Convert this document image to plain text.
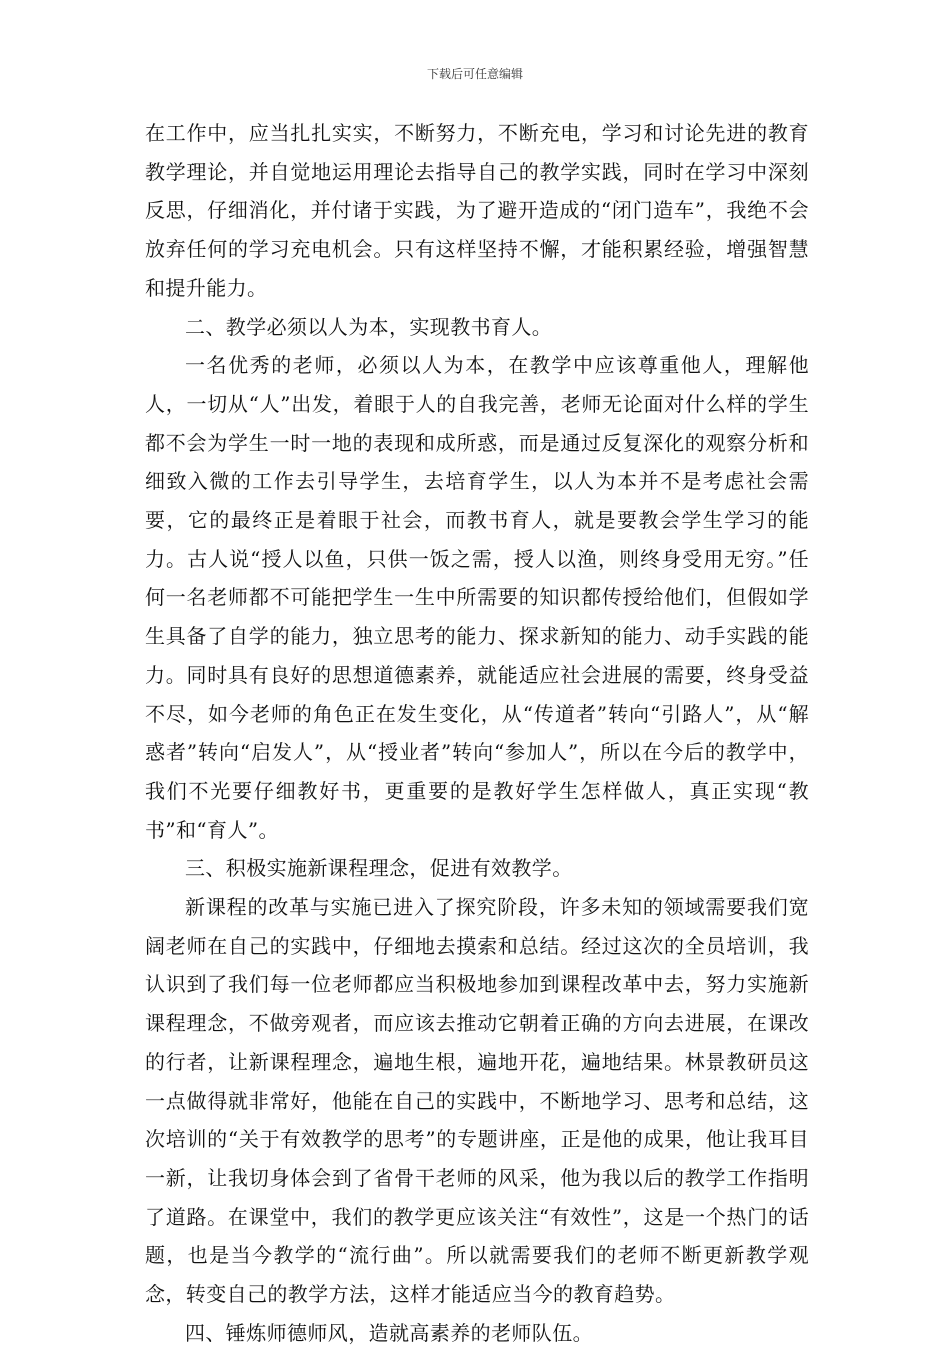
下载后可任意编辑

在工作中，应当扎扎实实，不断努力，不断充电，学习和讨论先进的教育教学理论，并自觉地运用理论去指导自己的教学实践，同时在学习中深刻反思，仔细消化，并付诸于实践，为了避开造成的“闭门造车”，我绝不会放弃任何的学习充电机会。只有这样坚持不懈，才能积累经验，增强智慧和提升能力。

二、教学必须以人为本，实现教书育人。

一名优秀的老师，必须以人为本，在教学中应该尊重他人，理解他人，一切从“人”出发，着眼于人的自我完善，老师无论面对什么样的学生都不会为学生一时一地的表现和成所惑，而是通过反复深化的观察分析和细致入微的工作去引导学生，去培育学生，以人为本并不是考虑社会需要，它的最终正是着眼于社会，而教书育人，就是要教会学生学习的能力。古人说“授人以鱼，只供一饭之需，授人以渔，则终身受用无穷。”任何一名老师都不可能把学生一生中所需要的知识都传授给他们，但假如学生具备了自学的能力，独立思考的能力、探求新知的能力、动手实践的能力。同时具有良好的思想道德素养，就能适应社会进展的需要，终身受益不尽，如今老师的角色正在发生变化，从“传道者”转向“引路人”，从“解惑者”转向“启发人”，从“授业者”转向“参加人”，所以在今后的教学中，我们不光要仔细教好书，更重要的是教好学生怎样做人，真正实现“教书”和“育人”。

三、积极实施新课程理念，促进有效教学。

新课程的改革与实施已进入了探究阶段，许多未知的领域需要我们宽阔老师在自己的实践中，仔细地去摸索和总结。经过这次的全员培训，我认识到了我们每一位老师都应当积极地参加到课程改革中去，努力实施新课程理念，不做旁观者，而应该去推动它朝着正确的方向去进展，在课改的行者，让新课程理念，遍地生根，遍地开花，遍地结果。林景教研员这一点做得就非常好，他能在自己的实践中，不断地学习、思考和总结，这次培训的“关于有效教学的思考”的专题讲座，正是他的成果，他让我耳目一新，让我切身体会到了省骨干老师的风采，他为我以后的教学工作指明了道路。在课堂中，我们的教学更应该关注“有效性”，这是一个热门的话题，也是当今教学的“流行曲”。所以就需要我们的老师不断更新教学观念，转变自己的教学方法，这样才能适应当今的教育趋势。

四、锤炼师德师风，造就高素养的老师队伍。
